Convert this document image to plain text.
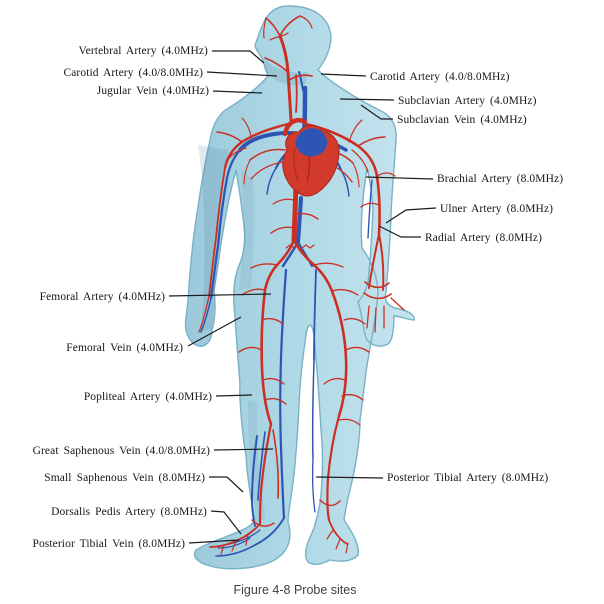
Vertebral Artery (4.0MHz)
Carotid Artery (4.0/8.0MHz)
Jugular Vein (4.0MHz)
Femoral Artery (4.0MHz)
Femoral Vein (4.0MHz)
Popliteal Artery (4.0MHz)
Great Saphenous Vein (4.0/8.0MHz)
Small Saphenous Vein (8.0MHz)
Dorsalis Pedis Artery (8.0MHz)
Posterior Tibial Vein (8.0MHz)
Carotid Artery (4.0/8.0MHz)
Subclavian Artery (4.0MHz)
Subclavian Vein (4.0MHz)
Brachial Artery (8.0MHz)
Ulner Artery (8.0MHz)
Radial Artery (8.0MHz)
Posterior Tibial Artery (8.0MHz)
Figure 4-8 Probe sites
